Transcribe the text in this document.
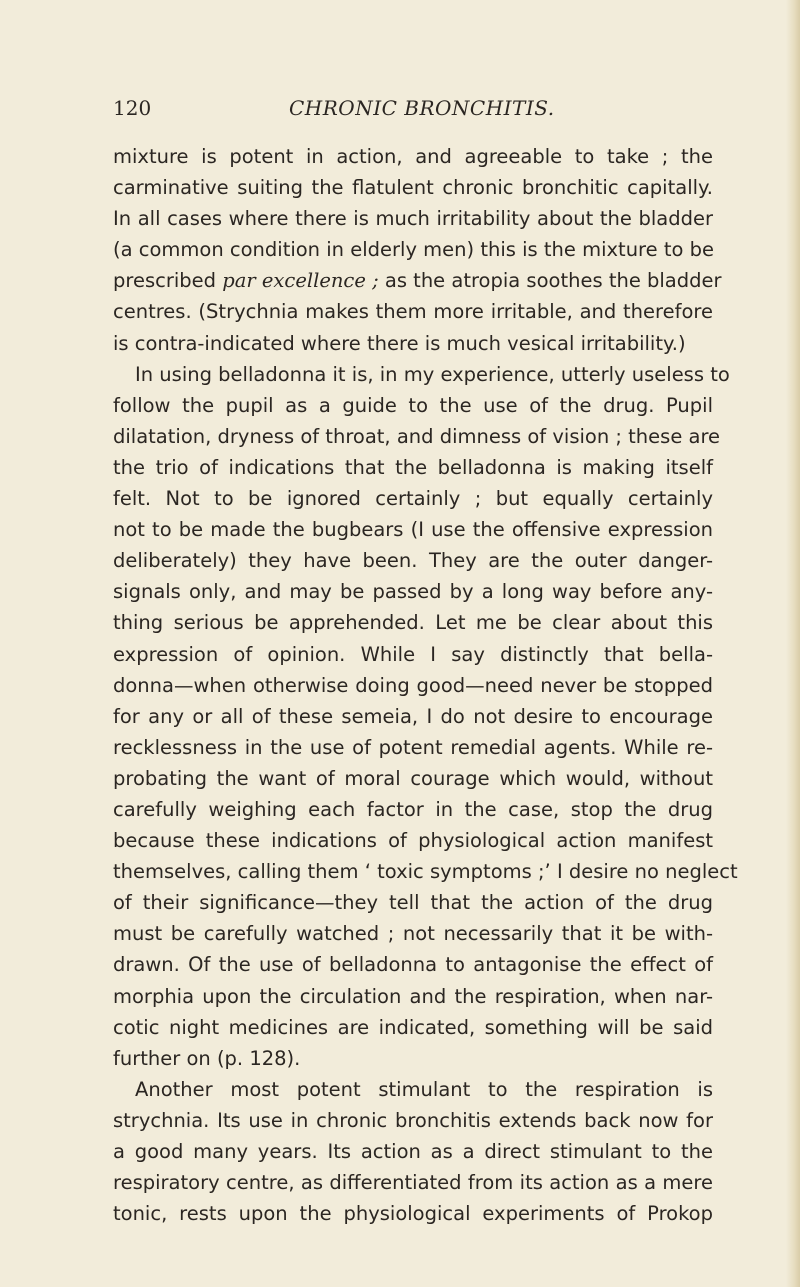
120	CHRONIC BRONCHITIS.
mixture is potent in action, and agreeable to take ; the
carminative suiting the flatulent chronic bronchitic capitally.
In all cases where there is much irritability about the bladder
(a common condition in elderly men) this is the mixture to be
prescribed par excellence ; as the atropia soothes the bladder
centres. (Strychnia makes them more irritable, and therefore
is contra-indicated where there is much vesical irritability.)
In using belladonna it is, in my experience, utterly useless to
follow the pupil as a guide to the use of the drug. Pupil
dilatation, dryness of throat, and dimness of vision ; these are
the trio of indications that the belladonna is making itself
felt. Not to be ignored certainly ; but equally certainly
not to be made the bugbears (I use the offensive expression
deliberately) they have been. They are the outer danger-
signals only, and may be passed by a long way before any-
thing serious be apprehended. Let me be clear about this
expression of opinion. While I say distinctly that bella-
donna—when otherwise doing good—need never be stopped
for any or all of these semeia, I do not desire to encourage
recklessness in the use of potent remedial agents. While re-
probating the want of moral courage which would, without
carefully weighing each factor in the case, stop the drug
because these indications of physiological action manifest
themselves, calling them ‘ toxic symptoms ;’ I desire no neglect
of their significance—they tell that the action of the drug
must be carefully watched ; not necessarily that it be with-
drawn. Of the use of belladonna to antagonise the effect of
morphia upon the circulation and the respiration, when nar-
cotic night medicines are indicated, something will be said
further on (p. 128).
Another most potent stimulant to the respiration is
strychnia. Its use in chronic bronchitis extends back now for
a good many years. Its action as a direct stimulant to the
respiratory centre, as differentiated from its action as a mere
tonic, rests upon the physiological experiments of Prokop
